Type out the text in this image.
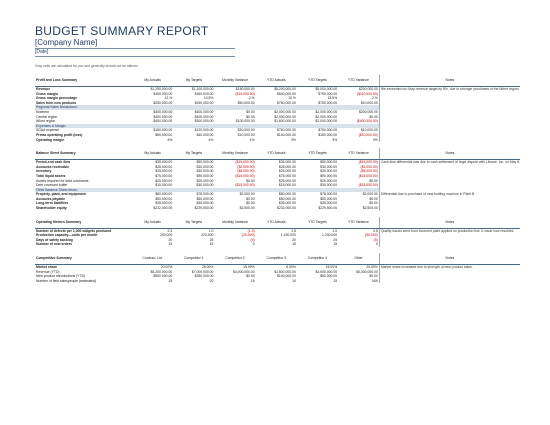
BUDGET SUMMARY REPORT
[Company Name]
[Date]
Gray cells are calculated for you and generally should not be altered.
Profit and Loss Summary	My Actuals	My Targets	Monthly Variance	YTD Actuals	YTD Targets	YTD Variance	Notes
Revenue	$1,250,000.00	$1,100,000.00	$150,000.00	$5,200,000.00	$5,000,000.00	$200,000.00	We exceeded our May revenue target by 8%, due to stronger purchases in the Wkrnt region.
Gross margin	$150,000.00	$160,000.00	($10,000.00)	$640,000.00	$750,000.00	($110,000.00)	
Gross margin percentage	12.%	14.5%	-2.%	10.%	12.5%	-2.%	
Sales from new products	$250,000.00	$150,000.00	$50,000.00	$760,000.00	$750,000.00	$10,000.00	
Regional Sales Breakdown:							
Northern	$400,000.00	$400,000.00	$0.00	$2,000,000.00	$2,000,000.00	$200,000.00	
Central region	$400,000.00	$400,000.00	$0.00	$2,000,000.00	$2,000,000.00	$0.00	
Wkrnt region	$400,000.00	$300,000.00	$100,000.00	$1,600,000.00	$2,000,000.00	($400,000.00)	
Expenses & Margin:							
SG&A expense	$150,000.00	$120,000.00	$30,000.00	$760,000.00	$750,000.00	$10,000.00	
Pretax operating profit (loss)	$50,000.00	$40,000.00	$10,000.00	$140,000.00	$150,000.00	($10,000.00)	
Operating margin	4%	4%	1%	3%	3%	0%	
Balance Sheet Summary	My Actuals	My Targets	Monthly Variance	YTD Actuals	YTD Targets	YTD Variance	Notes
Period-end cash flow	$35,000.00	$50,000.00	($15,000.00)	$35,000.00	$50,000.00	($15,000.00)	Cash flow differential was due to cash settlement of legal dispute with Litware, Inc. on May 8.
Accounts receivable	$28,000.00	$30,000.00	($2,000.00)	$28,000.00	$30,000.00	($2,000.00)	
Inventory	$25,000.00	$30,000.00	($5,000.00)	$25,000.00	$30,000.00	($5,000.00)	
Total liquid assets	$75,000.00	$90,000.00	($15,000.00)	$75,000.00	$90,000.00	($15,000.00)	
Assets required for debt covenants	$25,000.00	$25,000.00	$0.00	$25,000.00	$25,000.00	$0.00	
Debt covenant buffer	$15,000.00	$30,000.00	($15,000.00)	$15,000.00	$30,000.00	($15,000.00)	
Other Balance Sheet Items:							
Property, plant, and equipment	$80,000.00	$78,000.00	$2,000.00	$80,000.00	$78,000.00	$2,000.00	Differential due to purchase of new bottling machine in Plant B.
Accounts payable	$50,000.00	$50,000.00	$0.00	$50,000.00	$50,000.00	$0.00	
Long-term liabilities	$35,000.00	$35,000.00	$0.00	$35,000.00	$35,000.00	$0.00	
Shareholder equity	$232,000.00	$229,500.00	$2,500.00	$232,000.00	$229,500.00	$2,500.00	
Operating Metrics Summary	My Actuals	My Targets	Monthly Variance	YTD Actuals	YTD Targets	YTD Variance	Notes
Number of defects per 1,000 widgets produced	2.3	1.0	(1.3)	1.5	1.0	0.5	Quality issues were from incorrect paint applied on production line 3, issue now resolved.
Production capacity—units per month	200,000	220,000	(20,000)	1,150,000	1,200,000	(50,000)	
Days of safety backlog	20	25	(5)	20	25	(5)	
Number of new orders	15	15	0	15	15	0	
Competitive Summary	Contoso, Ltd.	Competitor 1	Competitor 2	Competitor 3	Competitor 4	Other	Notes
Market share	20.00%	25.00%	15.00%	5.00%	15.00%	20.00%	Market share increased due to strength of new product sales.
Revenue (YTD)	$5,200,000.00	$7,000,000.00	$4,000,000.00	$1,500,000.00	$4,000,000.00	$5,000,000.00	
New product introductions (YTD)	$500,000.00	$350,000.00	$0.00	$100,000.00	$50,000.00	$0.00	
Number of field salespeople (estimated)	15	20	15	10	15	N/A	
